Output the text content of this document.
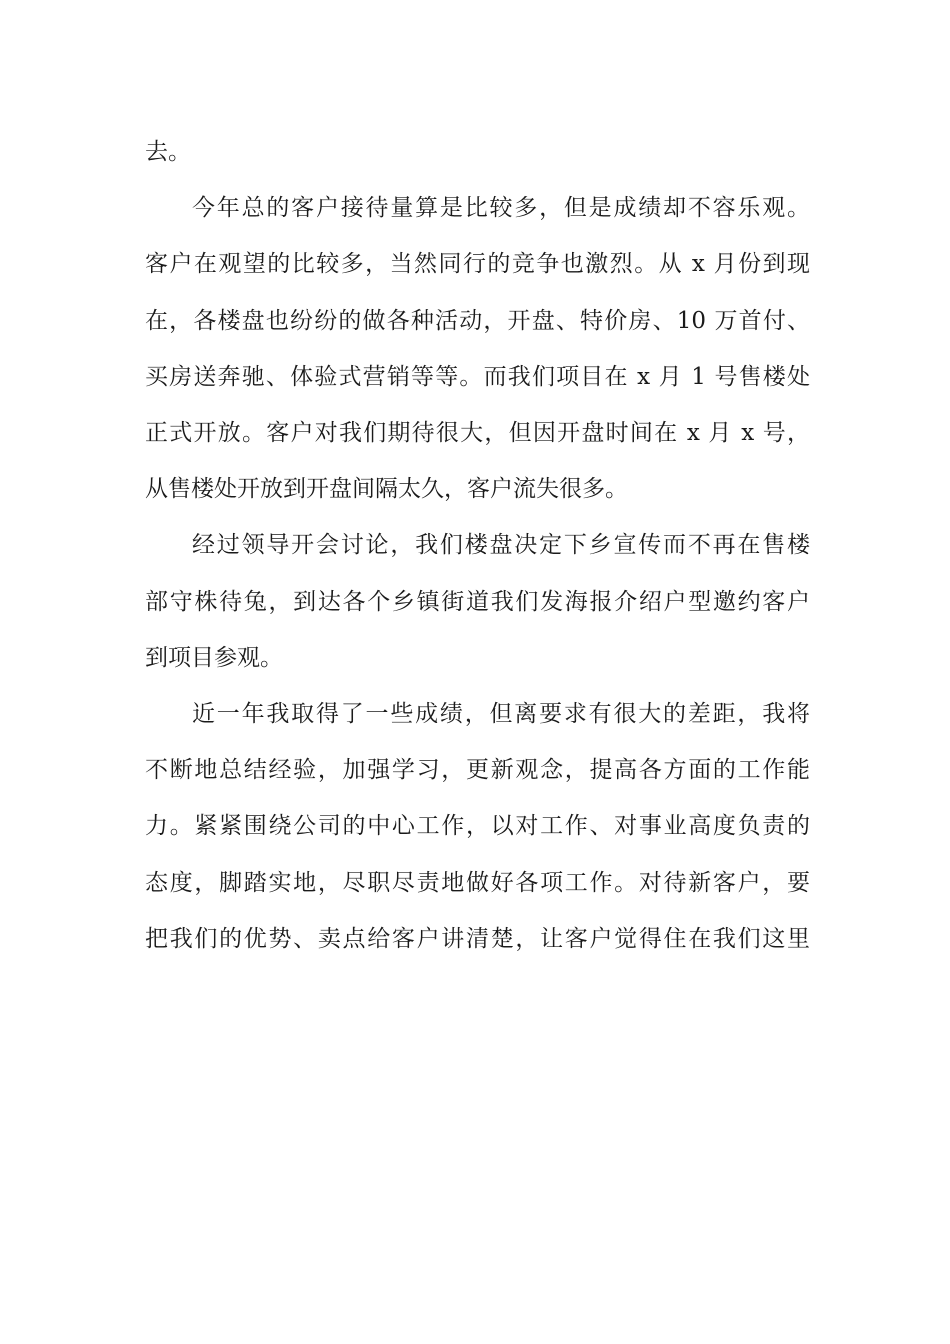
去。
今年总的客户接待量算是比较多，但是成绩却不容乐观。
客户在观望的比较多，当然同行的竞争也激烈。从 x 月份到现
在，各楼盘也纷纷的做各种活动，开盘、特价房、10 万首付、
买房送奔驰、体验式营销等等。而我们项目在 x 月 1 号售楼处
正式开放。客户对我们期待很大，但因开盘时间在 x 月 x 号，
从售楼处开放到开盘间隔太久，客户流失很多。
经过领导开会讨论，我们楼盘决定下乡宣传而不再在售楼
部守株待兔，到达各个乡镇街道我们发海报介绍户型邀约客户
到项目参观。
近一年我取得了一些成绩，但离要求有很大的差距，我将
不断地总结经验，加强学习，更新观念，提高各方面的工作能
力。紧紧围绕公司的中心工作，以对工作、对事业高度负责的
态度，脚踏实地，尽职尽责地做好各项工作。对待新客户，要
把我们的优势、卖点给客户讲清楚，让客户觉得住在我们这里
